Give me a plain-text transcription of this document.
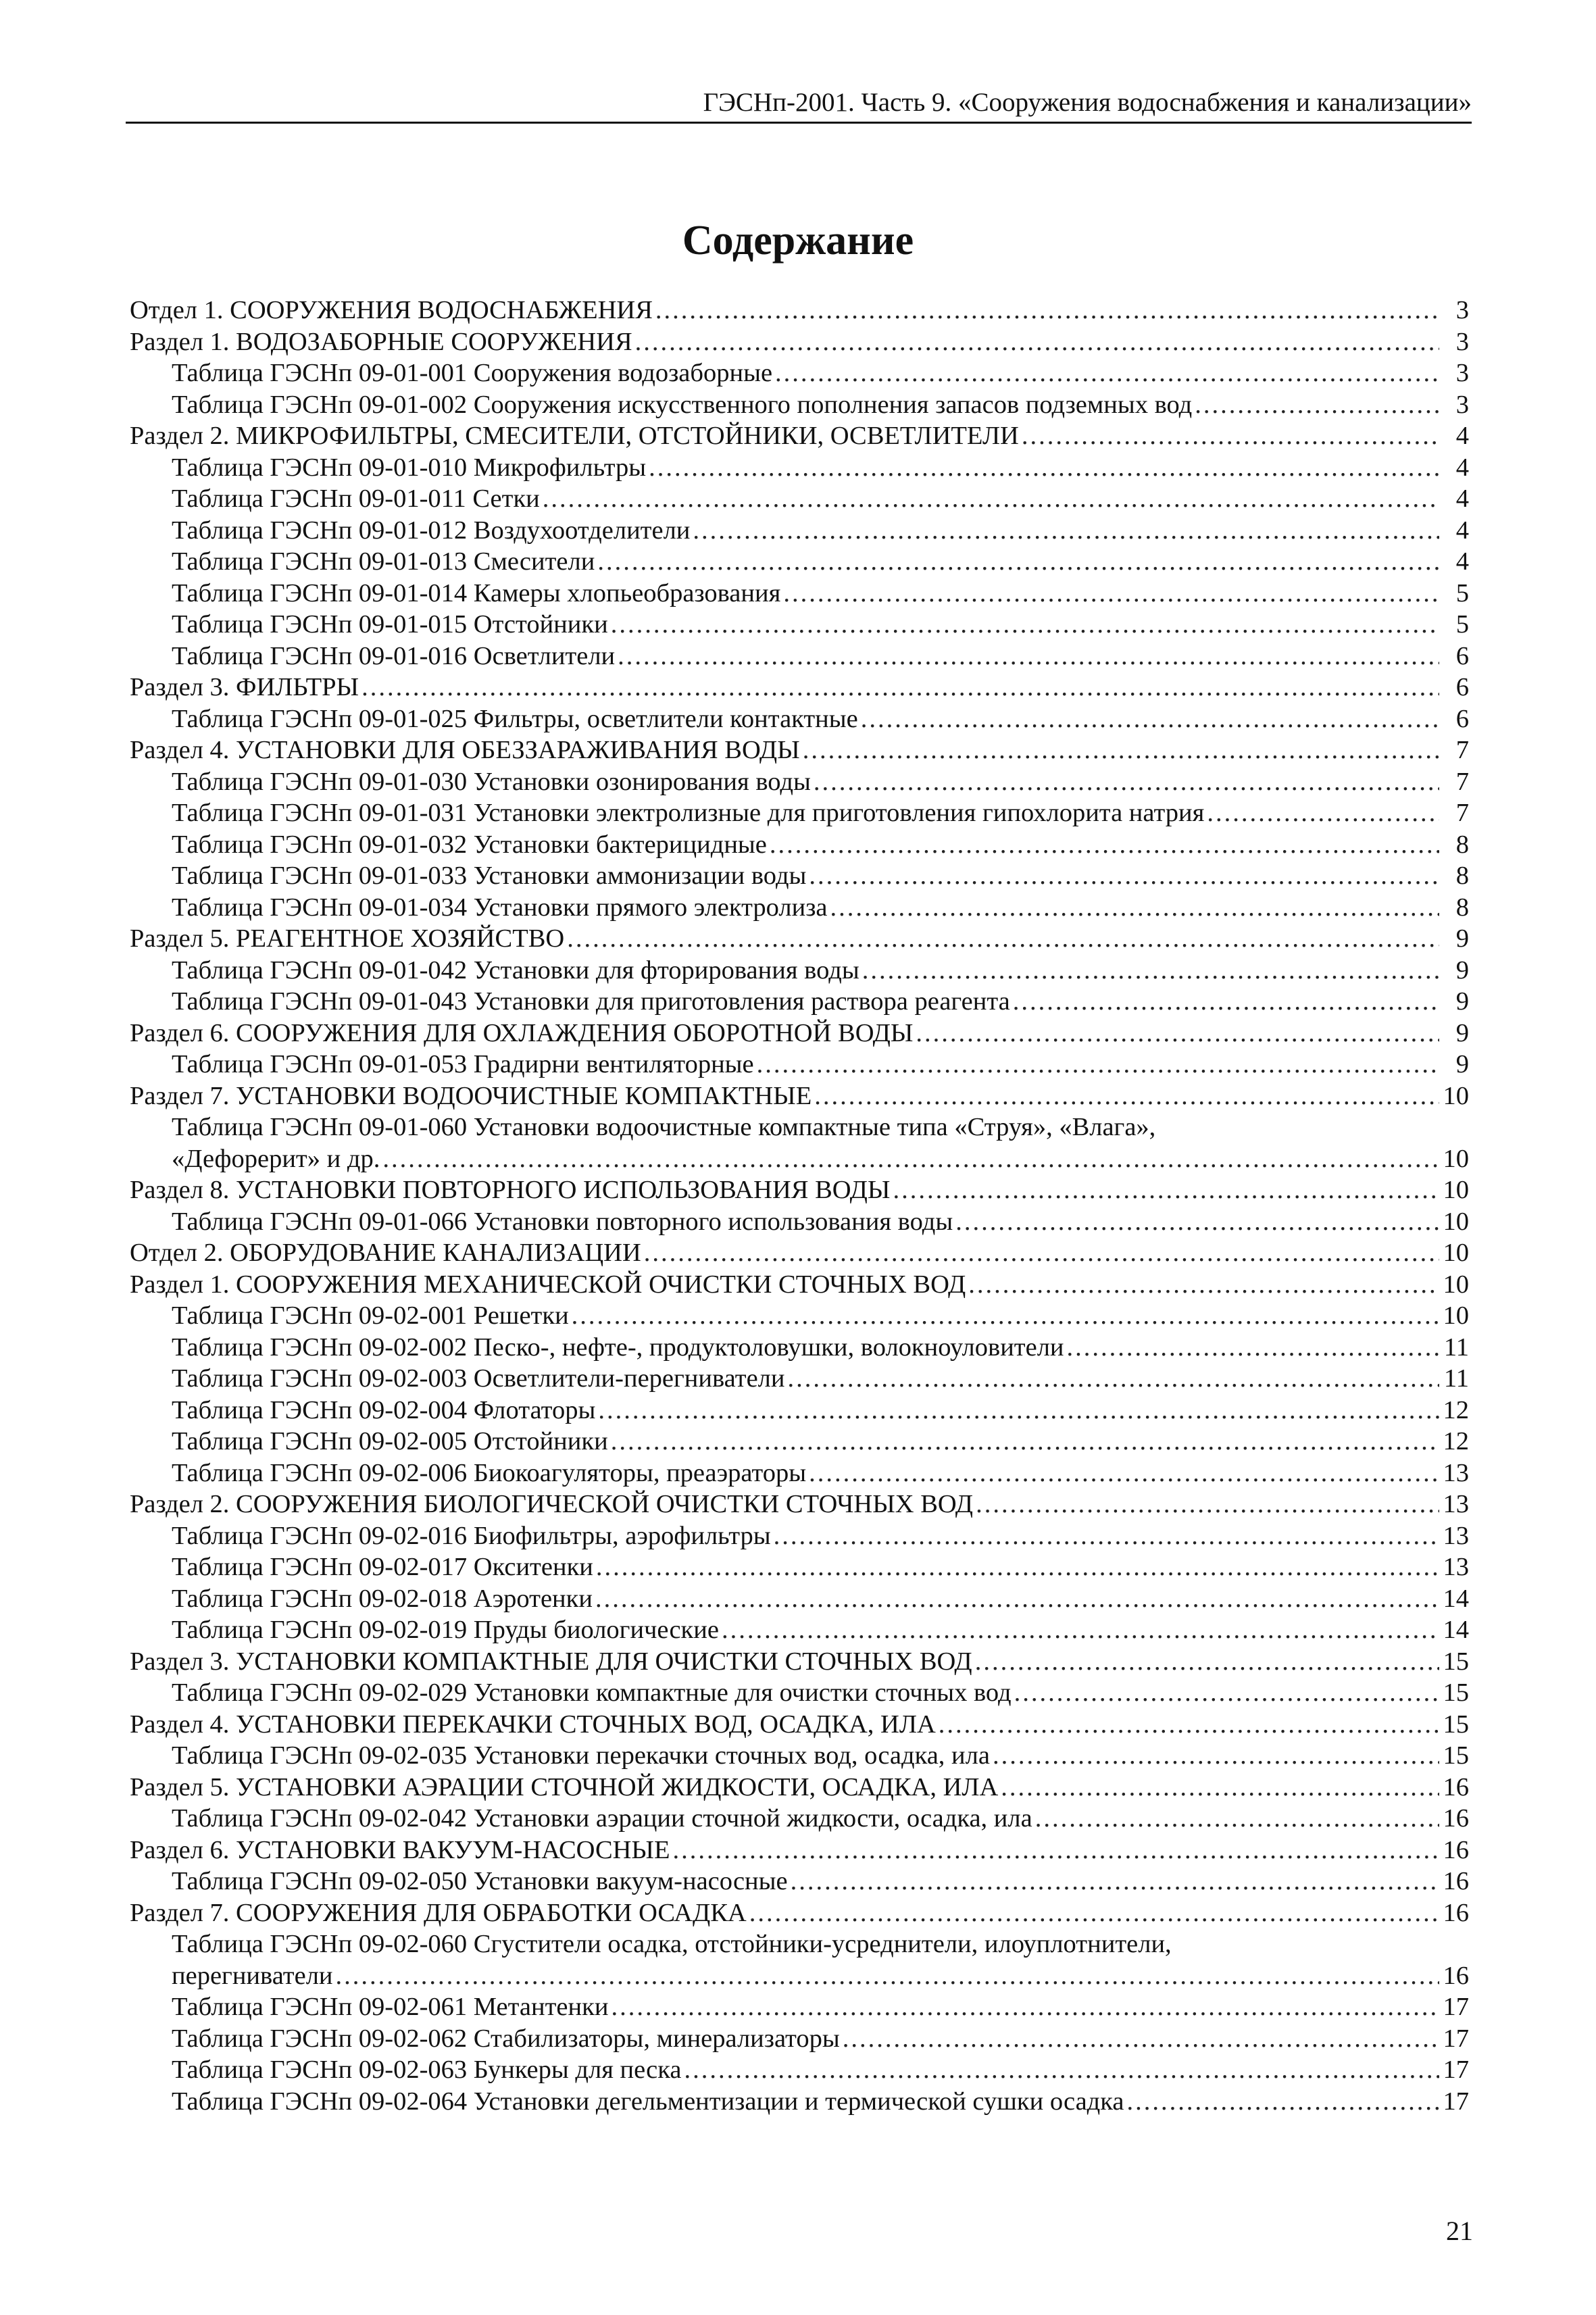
ГЭСНп-2001. Часть 9. «Сооружения водоснабжения и канализации»
Содержание
Отдел 1. СООРУЖЕНИЯ ВОДОСНАБЖЕНИЯ .....	3
Раздел 1. ВОДОЗАБОРНЫЕ СООРУЖЕНИЯ .....	3
Таблица ГЭСНп 09-01-001 Сооружения водозаборные .....	3
Таблица ГЭСНп 09-01-002 Сооружения искусственного пополнения запасов подземных вод .....	3
Раздел 2. МИКРОФИЛЬТРЫ, СМЕСИТЕЛИ, ОТСТОЙНИКИ, ОСВЕТЛИТЕЛИ .....	4
Таблица ГЭСНп 09-01-010 Микрофильтры .....	4
Таблица ГЭСНп 09-01-011 Сетки .....	4
Таблица ГЭСНп 09-01-012 Воздухоотделители .....	4
Таблица ГЭСНп 09-01-013 Смесители .....	4
Таблица ГЭСНп 09-01-014 Камеры хлопьеобразования .....	5
Таблица ГЭСНп 09-01-015 Отстойники .....	5
Таблица ГЭСНп 09-01-016 Осветлители .....	6
Раздел 3. ФИЛЬТРЫ .....	6
Таблица ГЭСНп 09-01-025 Фильтры, осветлители контактные .....	6
Раздел 4. УСТАНОВКИ ДЛЯ ОБЕЗЗАРАЖИВАНИЯ ВОДЫ .....	7
Таблица ГЭСНп 09-01-030 Установки озонирования воды .....	7
Таблица ГЭСНп 09-01-031 Установки электролизные для приготовления гипохлорита натрия .....	7
Таблица ГЭСНп 09-01-032 Установки бактерицидные .....	8
Таблица ГЭСНп 09-01-033 Установки аммонизации воды .....	8
Таблица ГЭСНп 09-01-034 Установки прямого электролиза .....	8
Раздел 5. РЕАГЕНТНОЕ ХОЗЯЙСТВО .....	9
Таблица ГЭСНп 09-01-042 Установки для фторирования воды .....	9
Таблица ГЭСНп 09-01-043 Установки для приготовления раствора реагента .....	9
Раздел 6. СООРУЖЕНИЯ ДЛЯ ОХЛАЖДЕНИЯ ОБОРОТНОЙ ВОДЫ .....	9
Таблица ГЭСНп 09-01-053 Градирни вентиляторные .....	9
Раздел 7. УСТАНОВКИ ВОДООЧИСТНЫЕ КОМПАКТНЫЕ .....	10
Таблица ГЭСНп 09-01-060 Установки водоочистные компактные типа «Струя», «Влага»,
«Дефорерит» и др. .....	10
Раздел 8. УСТАНОВКИ ПОВТОРНОГО ИСПОЛЬЗОВАНИЯ ВОДЫ .....	10
Таблица ГЭСНп 09-01-066 Установки повторного использования воды .....	10
Отдел 2. ОБОРУДОВАНИЕ КАНАЛИЗАЦИИ .....	10
Раздел 1. СООРУЖЕНИЯ МЕХАНИЧЕСКОЙ ОЧИСТКИ СТОЧНЫХ ВОД .....	10
Таблица ГЭСНп 09-02-001 Решетки .....	10
Таблица ГЭСНп 09-02-002 Песко-, нефте-, продуктоловушки, волокноуловители .....	11
Таблица ГЭСНп 09-02-003 Осветлители-перегниватели .....	11
Таблица ГЭСНп 09-02-004 Флотаторы .....	12
Таблица ГЭСНп 09-02-005 Отстойники .....	12
Таблица ГЭСНп 09-02-006 Биокоагуляторы, преаэраторы .....	13
Раздел 2. СООРУЖЕНИЯ БИОЛОГИЧЕСКОЙ ОЧИСТКИ СТОЧНЫХ ВОД .....	13
Таблица ГЭСНп 09-02-016 Биофильтры, аэрофильтры .....	13
Таблица ГЭСНп 09-02-017 Окситенки .....	13
Таблица ГЭСНп 09-02-018 Аэротенки .....	14
Таблица ГЭСНп 09-02-019 Пруды биологические .....	14
Раздел 3. УСТАНОВКИ КОМПАКТНЫЕ ДЛЯ ОЧИСТКИ СТОЧНЫХ ВОД .....	15
Таблица ГЭСНп 09-02-029 Установки компактные для очистки сточных вод .....	15
Раздел 4. УСТАНОВКИ ПЕРЕКАЧКИ СТОЧНЫХ ВОД, ОСАДКА, ИЛА .....	15
Таблица ГЭСНп 09-02-035 Установки перекачки сточных вод, осадка, ила .....	15
Раздел 5. УСТАНОВКИ АЭРАЦИИ СТОЧНОЙ ЖИДКОСТИ, ОСАДКА, ИЛА .....	16
Таблица ГЭСНп 09-02-042 Установки аэрации сточной жидкости, осадка, ила .....	16
Раздел 6. УСТАНОВКИ ВАКУУМ-НАСОСНЫЕ .....	16
Таблица ГЭСНп 09-02-050 Установки вакуум-насосные .....	16
Раздел 7. СООРУЖЕНИЯ ДЛЯ ОБРАБОТКИ ОСАДКА .....	16
Таблица ГЭСНп 09-02-060 Сгустители осадка, отстойники-усреднители, илоуплотнители,
перегниватели .....	16
Таблица ГЭСНп 09-02-061 Метантенки .....	17
Таблица ГЭСНп 09-02-062 Стабилизаторы, минерализаторы .....	17
Таблица ГЭСНп 09-02-063 Бункеры для песка .....	17
Таблица ГЭСНп 09-02-064 Установки дегельментизации и термической сушки осадка .....	17
21
